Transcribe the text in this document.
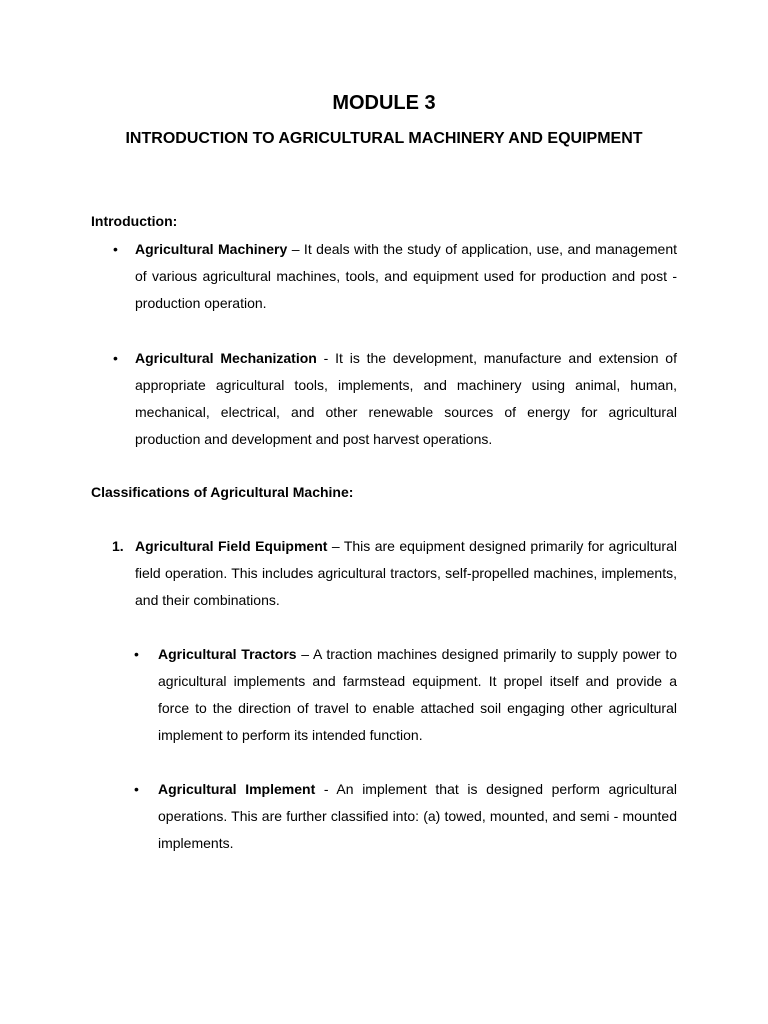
MODULE 3
INTRODUCTION TO AGRICULTURAL MACHINERY AND EQUIPMENT
Introduction:
• Agricultural Machinery – It deals with the study of application, use, and management of various agricultural machines, tools, and equipment used for production and post - production operation.
• Agricultural Mechanization - It is the development, manufacture and extension of appropriate agricultural tools, implements, and machinery using animal, human, mechanical, electrical, and other renewable sources of energy for agricultural production and development and post harvest operations.
Classifications of Agricultural Machine:
1. Agricultural Field Equipment – This are equipment designed primarily for agricultural field operation. This includes agricultural tractors, self-propelled machines, implements, and their combinations.
• Agricultural Tractors – A traction machines designed primarily to supply power to agricultural implements and farmstead equipment. It propel itself and provide a force to the direction of travel to enable attached soil engaging other agricultural implement to perform its intended function.
• Agricultural Implement - An implement that is designed perform agricultural operations. This are further classified into: (a) towed, mounted, and semi - mounted implements.
